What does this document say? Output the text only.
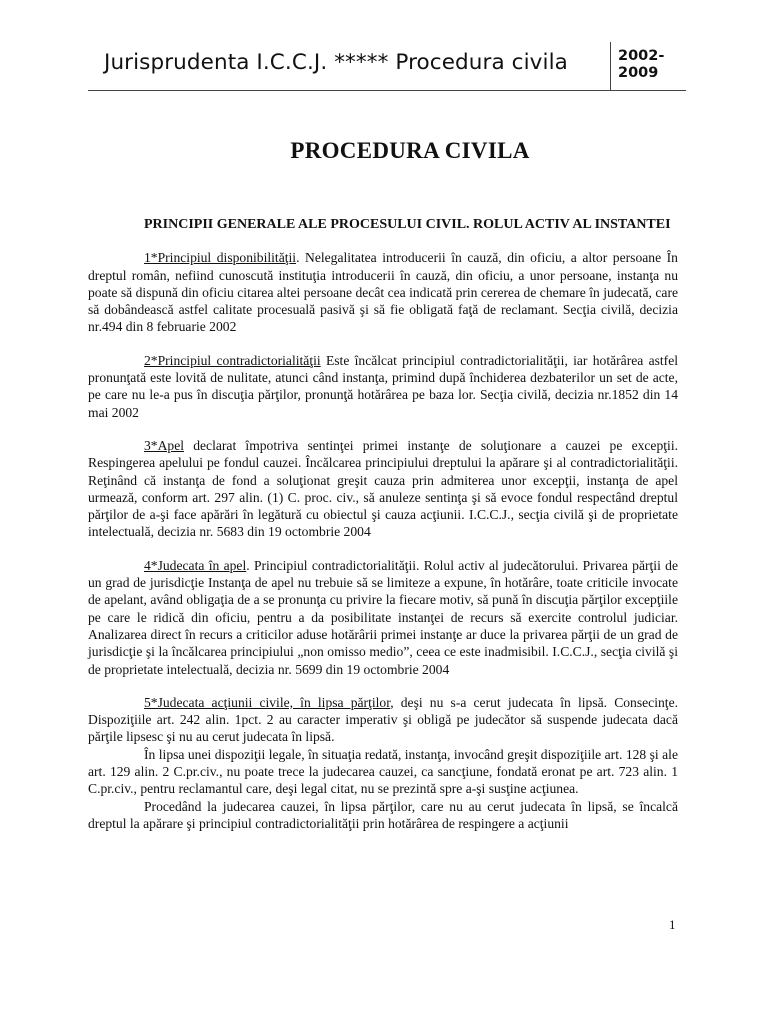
Jurisprudenta I.C.C.J. ***** Procedura civila	2002-
2009
PROCEDURA CIVILA

PRINCIPII GENERALE ALE PROCESULUI CIVIL. ROLUL ACTIV AL INSTANTEI

1*Principiul disponibilităţii. Nelegalitatea introducerii în cauză, din oficiu, a altor persoane În dreptul român, nefiind cunoscută instituţia introducerii în cauză, din oficiu, a unor persoane, instanţa nu poate să dispună din oficiu citarea altei persoane decât cea indicată prin cererea de chemare în judecată, care să dobândească astfel calitate procesuală pasivă şi să fie obligată faţă de reclamant. Secţia civilă, decizia nr.494 din 8 februarie 2002

2*Principiul contradictorialităţii Este încălcat principiul contradictorialităţii, iar hotărârea astfel pronunţată este lovită de nulitate, atunci când instanţa, primind după închiderea dezbaterilor un set de acte, pe care nu le-a pus în discuţia părţilor, pronunţă hotărârea pe baza lor. Secţia civilă, decizia nr.1852 din 14 mai 2002

3*Apel declarat împotriva sentinţei primei instanţe de soluţionare a cauzei pe excepţii. Respingerea apelului pe fondul cauzei. Încălcarea principiului dreptului la apărare şi al contradictorialităţii. Reţinând că instanţa de fond a soluţionat greşit cauza prin admiterea unor excepţii, instanţa de apel urmează, conform art. 297 alin. (1) C. proc. civ., să anuleze sentinţa şi să evoce fondul respectând dreptul părţilor de a-şi face apărări în legătură cu obiectul şi cauza acţiunii. I.C.C.J., secţia civilă şi de proprietate intelectuală, decizia nr. 5683 din 19 octombrie 2004

4*Judecata în apel. Principiul contradictorialităţii. Rolul activ al judecătorului. Privarea părţii de un grad de jurisdicţie Instanţa de apel nu trebuie să se limiteze a expune, în hotărâre, toate criticile invocate de apelant, având obligaţia de a se pronunţa cu privire la fiecare motiv, să pună în discuţia părţilor excepţiile pe care le ridică din oficiu, pentru a da posibilitate instanţei de recurs să exercite controlul judiciar. Analizarea direct în recurs a criticilor aduse hotărârii primei instanţe ar duce la privarea părţii de un grad de jurisdicţie şi la încălcarea principiului „non omisso medio”, ceea ce este inadmisibil. I.C.C.J., secţia civilă şi de proprietate intelectuală, decizia nr. 5699 din 19 octombrie 2004

5*Judecata acţiunii civile, în lipsa părţilor, deşi nu s-a cerut judecata în lipsă. Consecinţe. Dispoziţiile art. 242 alin. 1pct. 2 au caracter imperativ şi obligă pe judecător să suspende judecata dacă părţile lipsesc şi nu au cerut judecata în lipsă.

În lipsa unei dispoziţii legale, în situaţia redată, instanţa, invocând greşit dispoziţiile art. 128 şi ale art. 129 alin. 2 C.pr.civ., nu poate trece la judecarea cauzei, ca sancţiune, fondată eronat pe art. 723 alin. 1 C.pr.civ., pentru reclamantul care, deşi legal citat, nu se prezintă spre a-şi susţine acţiunea.

Procedând la judecarea cauzei, în lipsa părţilor, care nu au cerut judecata în lipsă, se încalcă dreptul la apărare şi principiul contradictorialităţii prin hotărârea de respingere a acţiunii

1
